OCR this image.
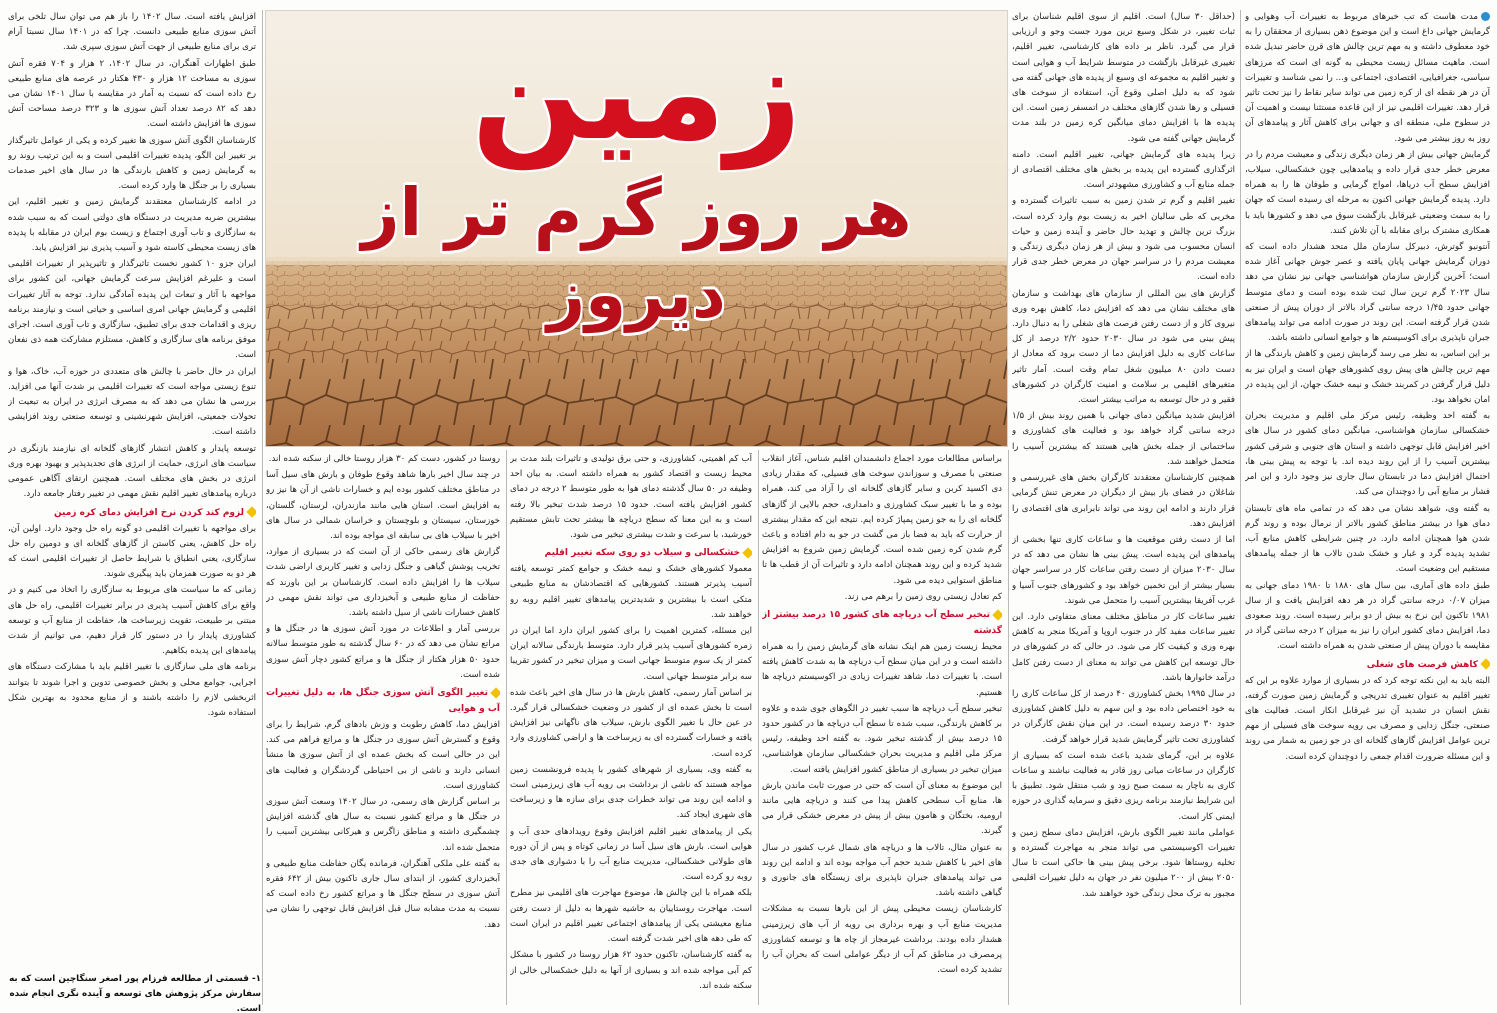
مدت هاست که تب خبرهای مربوط به تغییرات آب وهوایی و گرمایش جهانی داغ است و این موضوع ذهن بسیاری از محققان را به خود معطوف داشته و به مهم ترین چالش های قرن حاضر تبدیل شده است. ماهیت مسائل زیست محیطی به گونه ای است که مرزهای سیاسی، جغرافیایی، اقتصادی، اجتماعی و... را نمی شناسد و تغییرات آن در هر نقطه ای از کره زمین می تواند سایر نقاط را نیز تحت تاثیر قرار دهد. تغییرات اقلیمی نیز از این قاعده مستثنا نیست و اهمیت آن در سطوح ملی، منطقه ای و جهانی برای کاهش آثار و پیامدهای آن روز به روز بیشتر می شود.

گرمایش جهانی بیش از هر زمان دیگری زندگی و معیشت مردم را در معرض خطر جدی قرار داده و پیامدهایی چون خشکسالی، سیلاب، افزایش سطح آب دریاها، امواج گرمایی و طوفان ها را به همراه دارد. پدیده گرمایش جهانی اکنون به مرحله ای رسیده است که جهان را به سمت وضعیتی غیرقابل بازگشت سوق می دهد و کشورها باید با همکاری مشترک برای مقابله با آن تلاش کنند.

آنتونیو گوترش، دبیرکل سازمان ملل متحد هشدار داده است که دوران گرمایش جهانی پایان یافته و عصر جوش جهانی آغاز شده است؛ آخرین گزارش سازمان هواشناسی جهانی نیز نشان می دهد سال ۲۰۲۳ گرم ترین سال ثبت شده بوده است و دمای متوسط جهانی حدود ۱/۴۵ درجه سانتی گراد بالاتر از دوران پیش از صنعتی شدن قرار گرفته است. این روند در صورت ادامه می تواند پیامدهای جبران ناپذیری برای اکوسیستم ها و جوامع انسانی داشته باشد.

بر این اساس، به نظر می رسد گرمایش زمین و کاهش بارندگی ها از مهم ترین چالش های پیش روی کشورهای جهان است و ایران نیز به دلیل قرار گرفتن در کمربند خشک و نیمه خشک جهان، از این پدیده در امان نخواهد بود.

به گفته احد وظیفه، رئیس مرکز ملی اقلیم و مدیریت بحران خشکسالی سازمان هواشناسی، میانگین دمای کشور در سال های اخیر افزایش قابل توجهی داشته و استان های جنوبی و شرقی کشور بیشترین آسیب را از این روند دیده اند. با توجه به پیش بینی ها، احتمال افزایش دما در تابستان سال جاری نیز وجود دارد و این امر فشار بر منابع آبی را دوچندان می کند.

به گفته وی، شواهد نشان می دهد که در تمامی ماه های تابستان دمای هوا در بیشتر مناطق کشور بالاتر از نرمال بوده و روند گرم شدن هوا همچنان ادامه دارد. در چنین شرایطی کاهش منابع آب، تشدید پدیده گرد و غبار و خشک شدن تالاب ها از جمله پیامدهای مستقیم این وضعیت است.

طبق داده های آماری، بین سال های ۱۸۸۰ تا ۱۹۸۰ دمای جهانی به میزان ۰/۰۷ درجه سانتی گراد در هر دهه افزایش یافت و از سال ۱۹۸۱ تاکنون این نرخ به بیش از دو برابر رسیده است. روند صعودی دما، افزایش دمای کشور ایران را نیز به میزان ۲ درجه سانتی گراد در مقایسه با دوران پیش از صنعتی شدن به همراه داشته است.

کاهش فرصت های شغلی

البته باید به این نکته توجه کرد که در بسیاری از موارد علاوه بر این که تغییر اقلیم به عنوان تغییری تدریجی و گرمایش زمین صورت گرفته، نقش انسان در تشدید آن نیز غیرقابل انکار است. فعالیت های صنعتی، جنگل زدایی و مصرف بی رویه سوخت های فسیلی از مهم ترین عوامل افزایش گازهای گلخانه ای در جو زمین به شمار می روند و این مسئله ضرورت اقدام جمعی را دوچندان کرده است.

(حداقل ۳۰ سال) است. اقلیم از سوی اقلیم شناسان برای ثبات تغییر، در شکل وسیع ترین مورد جست وجو و ارزیابی قرار می گیرد. ناظر بر داده های کارشناسی، تغییر اقلیم، تغییری غیرقابل بازگشت در متوسط شرایط آب و هوایی است و تغییر اقلیم به مجموعه ای وسیع از پدیده های جهانی گفته می شود که به دلیل اصلی وقوع آن، استفاده از سوخت های فسیلی و رها شدن گازهای مختلف در اتمسفر زمین است. این پدیده ها با افزایش دمای میانگین کره زمین در بلند مدت گرمایش جهانی گفته می شود.

زیرا پدیده های گرمایش جهانی، تغییر اقلیم است. دامنه اثرگذاری گسترده این پدیده بر بخش های مختلف اقتصادی از جمله منابع آب و کشاورزی مشهودتر است.

تغییر اقلیم و گرم تر شدن زمین به سبب تاثیرات گسترده و مخربی که طی سالیان اخیر به زیست بوم وارد کرده است، بزرگ ترین چالش و تهدید حال حاضر و آینده زمین و حیات انسان محسوب می شود و بیش از هر زمان دیگری زندگی و معیشت مردم را در سراسر جهان در معرض خطر جدی قرار داده است.

گزارش های بین المللی از سازمان های بهداشت و سازمان های مختلف نشان می دهد که افزایش دما، کاهش بهره وری نیروی کار و از دست رفتن فرصت های شغلی را به دنبال دارد. پیش بینی می شود در سال ۲۰۳۰ حدود ۲/۲ درصد از کل ساعات کاری به دلیل افزایش دما از دست برود که معادل از دست دادن ۸۰ میلیون شغل تمام وقت است. آمار تاثیر متغیرهای اقلیمی بر سلامت و امنیت کارگران در کشورهای فقیر و در حال توسعه به مراتب بیشتر است.

افزایش شدید میانگین دمای جهانی با همین روند بیش از ۱/۵ درجه سانتی گراد خواهد بود و فعالیت های کشاورزی و ساختمانی از جمله بخش هایی هستند که بیشترین آسیب را متحمل خواهند شد.

همچنین کارشناسان معتقدند کارگران بخش های غیررسمی و شاغلان در فضای باز بیش از دیگران در معرض تنش گرمایی قرار دارند و ادامه این روند می تواند نابرابری های اقتصادی را افزایش دهد.

اما از دست رفتن موقعیت ها و ساعات کاری تنها بخشی از پیامدهای این پدیده است. پیش بینی ها نشان می دهد که در سال ۲۰۳۰ میزان از دست رفتن ساعات کار در سراسر جهان بسیار بیشتر از این تخمین خواهد بود و کشورهای جنوب آسیا و غرب آفریقا بیشترین آسیب را متحمل می شوند.

تغییر ساعات کار در مناطق مختلف معنای متفاوتی دارد. این تغییر ساعات مفید کار در جنوب اروپا و آمریکا منجر به کاهش بهره وری و کیفیت کار می شود. در حالی که در کشورهای در حال توسعه این کاهش می تواند به معنای از دست رفتن کامل درآمد خانوارها باشد.

در سال ۱۹۹۵ بخش کشاورزی ۴۰ درصد از کل ساعات کاری را به خود اختصاص داده بود و این سهم به دلیل کاهش کشاورزی حدود ۳۰ درصد رسیده است. در این میان نقش کارگران در کشاورزی تحت تاثیر گرمایش شدید قرار خواهد گرفت.

علاوه بر این، گرمای شدید باعث شده است که بسیاری از کارگران در ساعات میانی روز قادر به فعالیت نباشند و ساعات کاری به ناچار به سمت صبح زود و شب منتقل شود. تطبیق با این شرایط نیازمند برنامه ریزی دقیق و سرمایه گذاری در حوزه ایمنی کار است.

عواملی مانند تغییر الگوی بارش، افزایش دمای سطح زمین و تغییرات اکوسیستمی می تواند منجر به مهاجرت گسترده و تخلیه روستاها شود. برخی پیش بینی ها حاکی است تا سال ۲۰۵۰ بیش از ۲۰۰ میلیون نفر در جهان به دلیل تغییرات اقلیمی مجبور به ترک محل زندگی خود خواهند شد.

زمین
هر روز گرم تر از دیروز

براساس مطالعات مورد اجماع دانشمندان اقلیم شناس، آغاز انقلاب صنعتی با مصرف و سوزاندن سوخت های فسیلی، که مقدار زیادی دی اکسید کربن و سایر گازهای گلخانه ای را آزاد می کند، همراه بوده و ما با تغییر سبک کشاورزی و دامداری، حجم بالایی از گازهای گلخانه ای را به جو زمین پمپاژ کرده ایم. نتیجه این که مقدار بیشتری از حرارت که باید به فضا باز می گشت در جو به دام افتاده و باعث گرم شدن کره زمین شده است. گرمایش زمین شروع به افزایش شدید کرده و این روند همچنان ادامه دارد و تاثیرات آن از قطب ها تا مناطق استوایی دیده می شود.

کم تعادل زیستی روی زمین را برهم می زند.

تبخیر سطح آب دریاچه های کشور ۱۵ درصد بیشتر از گذشته

محیط زیست زمین هم اینک نشانه های گرمایش زمین را به همراه داشته است و در این میان سطح آب دریاچه ها به شدت کاهش یافته است. با تغییرات دما، شاهد تغییرات زیادی در اکوسیستم دریاچه ها هستیم.

تبخیر سطح آب دریاچه ها سبب تغییر در الگوهای جوی شده و علاوه بر کاهش بارندگی، سبب شده تا سطح آب دریاچه ها در کشور حدود ۱۵ درصد بیش از گذشته تبخیر شود. به گفته احد وظیفه، رئیس مرکز ملی اقلیم و مدیریت بحران خشکسالی سازمان هواشناسی، میزان تبخیر در بسیاری از مناطق کشور افزایش یافته است.

این موضوع به معنای آن است که حتی در صورت ثابت ماندن بارش ها، منابع آب سطحی کاهش پیدا می کنند و دریاچه هایی مانند ارومیه، بختگان و هامون بیش از پیش در معرض خشکی قرار می گیرند.

به عنوان مثال، تالاب ها و دریاچه های شمال غرب کشور در سال های اخیر با کاهش شدید حجم آب مواجه بوده اند و ادامه این روند می تواند پیامدهای جبران ناپذیری برای زیستگاه های جانوری و گیاهی داشته باشد.

کارشناسان زیست محیطی پیش از این بارها نسبت به مشکلات مدیریت منابع آب و بهره برداری بی رویه از آب های زیرزمینی هشدار داده بودند. برداشت غیرمجاز از چاه ها و توسعه کشاورزی پرمصرف در مناطق کم آب از دیگر عواملی است که بحران آب را تشدید کرده است.

آب کم اهمیتی، کشاورزی، و حتی برق تولیدی و تاثیرات بلند مدت بر محیط زیست و اقتصاد کشور به همراه داشته است. به بیان احد وظیفه در ۵۰ سال گذشته دمای هوا به طور متوسط ۲ درجه در دمای کشور افزایش یافته است. حدود ۱۵ درصد شدت تبخیر بالا رفته است و به این معنا که سطح دریاچه ها بیشتر تحت تابش مستقیم خورشید، با سرعت و شدت بیشتری تبخیر می شود.

خشکسالی و سیلاب دو روی سکه تغییر اقلیم

معمولا کشورهای خشک و نیمه خشک و جوامع کمتر توسعه یافته آسیب پذیرتر هستند. کشورهایی که اقتصادشان به منابع طبیعی متکی است با بیشترین و شدیدترین پیامدهای تغییر اقلیم روبه رو خواهند شد.

این مسئله، کمترین اهمیت را برای کشور ایران دارد اما ایران در زمره کشورهای آسیب پذیر قرار دارد. متوسط بارندگی سالانه ایران کمتر از یک سوم متوسط جهانی است و میزان تبخیر در کشور تقریبا سه برابر متوسط جهانی است.

بر اساس آمار رسمی، کاهش بارش ها در سال های اخیر باعث شده است تا بخش عمده ای از کشور در وضعیت خشکسالی قرار گیرد. در عین حال با تغییر الگوی بارش، سیلاب های ناگهانی نیز افزایش یافته و خسارات گسترده ای به زیرساخت ها و اراضی کشاورزی وارد کرده است.

به گفته وی، بسیاری از شهرهای کشور با پدیده فرونشست زمین مواجه هستند که ناشی از برداشت بی رویه آب های زیرزمینی است و ادامه این روند می تواند خطرات جدی برای سازه ها و زیرساخت های شهری ایجاد کند.

یکی از پیامدهای تغییر اقلیم افزایش وقوع رویدادهای حدی آب و هوایی است. بارش های سیل آسا در زمانی کوتاه و پس از آن دوره های طولانی خشکسالی، مدیریت منابع آب را با دشواری های جدی روبه رو کرده است.

بلکه همراه با این چالش ها، موضوع مهاجرت های اقلیمی نیز مطرح است. مهاجرت روستاییان به حاشیه شهرها به دلیل از دست رفتن منابع معیشتی یکی از پیامدهای اجتماعی تغییر اقلیم در ایران است که طی دهه های اخیر شدت گرفته است.

به گفته کارشناسان، تاکنون حدود ۶۲ هزار روستا در کشور با مشکل کم آبی مواجه شده اند و بسیاری از آنها به دلیل خشکسالی خالی از سکنه شده اند.

روستا در کشور، دست کم ۳۰ هزار روستا خالی از سکنه شده اند.

در چند سال اخیر بارها شاهد وقوع طوفان و بارش های سیل آسا در مناطق مختلف کشور بوده ایم و خسارات ناشی از آن ها نیز رو به افزایش است. استان هایی مانند مازندران، لرستان، گلستان، خوزستان، سیستان و بلوچستان و خراسان شمالی در سال های اخیر با سیلاب های بی سابقه ای مواجه بوده اند.

گزارش های رسمی حاکی از آن است که در بسیاری از موارد، تخریب پوشش گیاهی و جنگل زدایی و تغییر کاربری اراضی شدت سیلاب ها را افزایش داده است. کارشناسان بر این باورند که حفاظت از منابع طبیعی و آبخیزداری می تواند نقش مهمی در کاهش خسارات ناشی از سیل داشته باشد.

بررسی آمار و اطلاعات در مورد آتش سوزی ها در جنگل ها و مراتع نشان می دهد که در ۶۰ سال گذشته به طور متوسط سالانه حدود ۵۰ هزار هکتار از جنگل ها و مراتع کشور دچار آتش سوزی شده است.

تغییر الگوی آتش سوزی جنگل ها، به دلیل تغییرات آب و هوایی

افزایش دما، کاهش رطوبت و وزش بادهای گرم، شرایط را برای وقوع و گسترش آتش سوزی در جنگل ها و مراتع فراهم می کند. این در حالی است که بخش عمده ای از آتش سوزی ها منشأ انسانی دارند و ناشی از بی احتیاطی گردشگران و فعالیت های کشاورزی است.

بر اساس گزارش های رسمی، در سال ۱۴۰۲ وسعت آتش سوزی در جنگل ها و مراتع کشور نسبت به سال های گذشته افزایش چشمگیری داشته و مناطق زاگرس و هیرکانی بیشترین آسیب را متحمل شده اند.

به گفته علی ملکی آهنگران، فرمانده یگان حفاظت منابع طبیعی و آبخیزداری کشور، از ابتدای سال جاری تاکنون بیش از ۶۴۲ فقره آتش سوزی در سطح جنگل ها و مراتع کشور رخ داده است که نسبت به مدت مشابه سال قبل افزایش قابل توجهی را نشان می دهد.

افزایش یافته است. سال ۱۴۰۲ را باز هم می توان سال تلخی برای آتش سوزی منابع طبیعی دانست. چرا که در ۱۴۰۱ سال نسبتا آرام تری برای منابع طبیعی از جهت آتش سوزی سپری شد.

طبق اظهارات آهنگران، در سال ۱۴۰۲، ۲ هزار و ۷۰۴ فقره آتش سوزی به مساحت ۱۲ هزار و ۴۳۰ هکتار در عرصه های منابع طبیعی رخ داده است که نسبت به آمار در مقایسه با سال ۱۴۰۱ نشان می دهد که ۸۲ درصد تعداد آتش سوزی ها و ۳۲۳ درصد مساحت آتش سوزی ها افزایش داشته است.

کارشناسان الگوی آتش سوزی ها تغییر کرده و یکی از عوامل تاثیرگذار بر تغییر این الگو، پدیده تغییرات اقلیمی است و به این ترتیب روند رو به گرمایش زمین و کاهش بارندگی ها در سال های اخیر صدمات بسیاری را بر جنگل ها وارد کرده است.

در ادامه کارشناسان معتقدند گرمایش زمین و تغییر اقلیم، این بیشترین ضربه مدیریت در دستگاه های دولتی است که به سبب شده به سازگاری و تاب آوری اجتماع و زیست بوم ایران در مقابله با پدیده های زیست محیطی کاسته شود و آسیب پذیری نیز افزایش یابد.

ایران جزو ۱۰ کشور نخست تاثیرگذار و تاثیرپذیر از تغییرات اقلیمی است و علیرغم افزایش سرعت گرمایش جهانی، این کشور برای مواجهه با آثار و تبعات این پدیده آمادگی ندارد. توجه به آثار تغییرات اقلیمی و گرمایش جهانی امری اساسی و حیاتی است و نیازمند برنامه ریزی و اقدامات جدی برای تطبیق، سازگاری و تاب آوری است. اجرای موفق برنامه های سازگاری و کاهش، مستلزم مشارکت همه ذی نفعان است.

ایران در حال حاضر با چالش های متعددی در حوزه آب، خاک، هوا و تنوع زیستی مواجه است که تغییرات اقلیمی بر شدت آنها می افزاید. بررسی ها نشان می دهد که به مصرف انرژی در ایران به تبعیت از تحولات جمعیتی، افزایش شهرنشینی و توسعه صنعتی روند افزایشی داشته است.

توسعه پایدار و کاهش انتشار گازهای گلخانه ای نیازمند بازنگری در سیاست های انرژی، حمایت از انرژی های تجدیدپذیر و بهبود بهره وری انرژی در بخش های مختلف است. همچنین ارتقای آگاهی عمومی درباره پیامدهای تغییر اقلیم نقش مهمی در تغییر رفتار جامعه دارد.

لزوم کند کردن نرخ افزایش دمای کره زمین

برای مواجهه با تغییرات اقلیمی دو گونه راه حل وجود دارد. اولین آن، راه حل کاهش، یعنی کاستن از گازهای گلخانه ای و دومین راه حل سازگاری، یعنی انطباق با شرایط حاصل از تغییرات اقلیمی است که هر دو به صورت همزمان باید پیگیری شوند.

زمانی که ما سیاست های مربوط به سازگاری را اتخاذ می کنیم و در واقع برای کاهش آسیب پذیری در برابر تغییرات اقلیمی، راه حل های مبتنی بر طبیعت، تقویت زیرساخت ها، حفاظت از منابع آب و توسعه کشاورزی پایدار را در دستور کار قرار دهیم، می توانیم از شدت پیامدهای این پدیده بکاهیم.

برنامه های ملی سازگاری با تغییر اقلیم باید با مشارکت دستگاه های اجرایی، جوامع محلی و بخش خصوصی تدوین و اجرا شوند تا بتوانند اثربخشی لازم را داشته باشند و از منابع محدود به بهترین شکل استفاده شود.

۱- قسمتی از مطالعه فرزام پور اصغر سنگاچین است که به سفارش مرکز پژوهش های توسعه و آینده نگری انجام شده است.
